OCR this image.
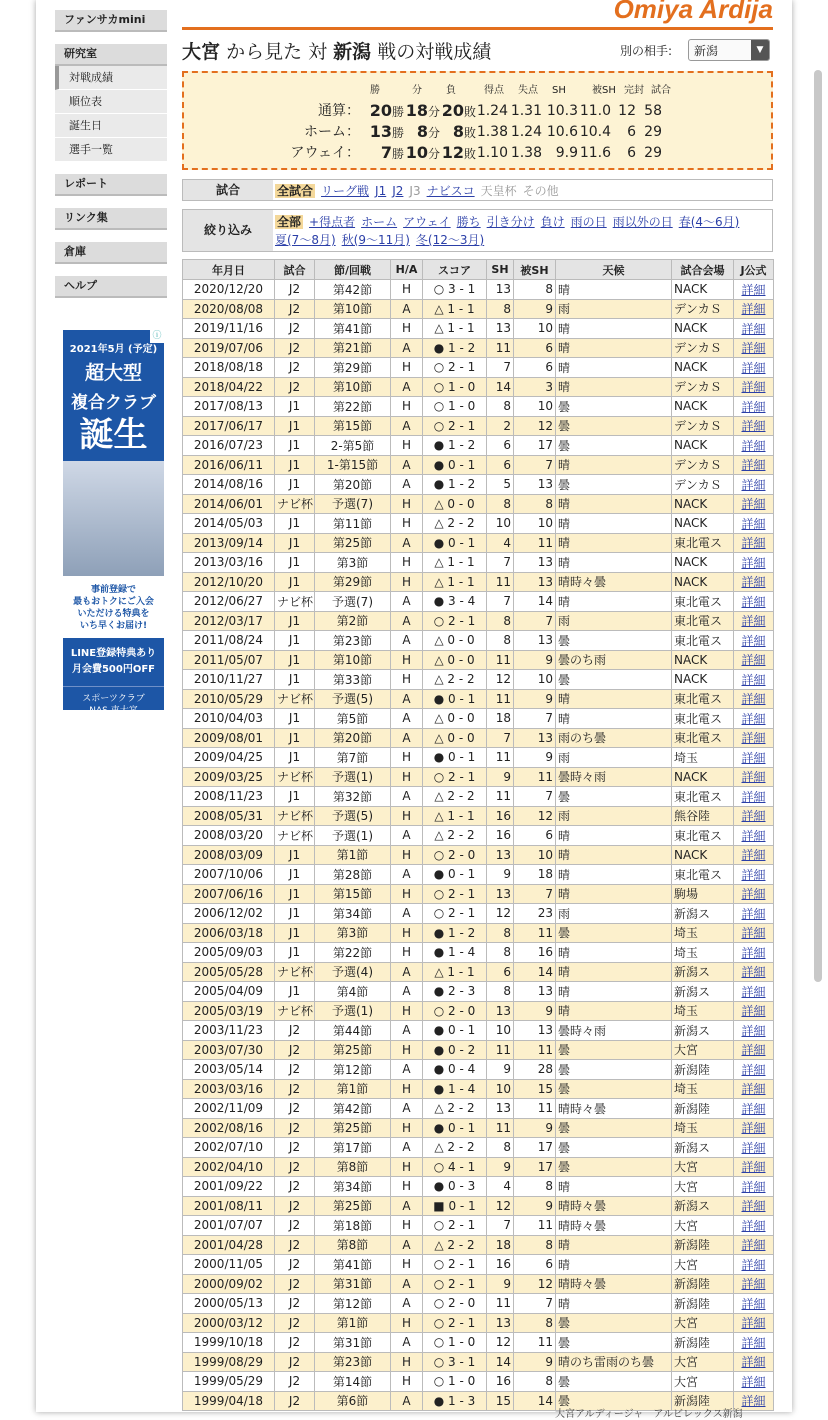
ファンサカmini
研究室
対戦成績
順位表
誕生日
選手一覧
レポート
リンク集
倉庫
ヘルプ
ⓘ
2021年5月 (予定)
超大型
複合クラブ
誕生
事前登録で
最もおトクにご入会
いただける特典を
いち早くお届け!
LINE登録特典あり
月会費500円OFF
スポーツクラブ
NAS 東大宮
(新館)
Omiya Ardija
大宮 から見た 対 新潟 戦の対戦成績	別の相手:	新潟	▼
勝	分 負	得点 失点 SH	被SH 完封 試合
通算： 20勝 18分 20敗 1.24 1.31 10.3 11.0 12 58
ホーム： 13勝 8分 8敗 1.38 1.24 10.6 10.4 6 29
アウェイ：	7勝 10分 12敗 1.10 1.38 9.9 11.6 6 29
試合	全試合 リーグ戦 J1 J2 J3 ナビスコ 天皇杯 その他
絞り込み
全部 +得点者 ホーム アウェイ 勝ち 引き分け 負け 雨の日 雨以外の日 春(4〜6月)
夏(7〜8月) 秋(9〜11月) 冬(12〜3月)
年月日	試合	節/回戦	H/A	スコア	SH	被SH	天候	試合会場	J公式
2020/12/20	J2	第42節	H	○ 3 - 1	13	8	晴	NACK	詳細
2020/08/08	J2	第10節	A	△ 1 - 1	8	9	雨	デンカＳ	詳細
2019/11/16	J2	第41節	H	△ 1 - 1	13	10	晴	NACK	詳細
2019/07/06	J2	第21節	A	● 1 - 2	11	6	晴	デンカＳ	詳細
2018/08/18	J2	第29節	H	○ 2 - 1	7	6	晴	NACK	詳細
2018/04/22	J2	第10節	A	○ 1 - 0	14	3	晴	デンカＳ	詳細
2017/08/13	J1	第22節	H	○ 1 - 0	8	10	曇	NACK	詳細
2017/06/17	J1	第15節	A	○ 2 - 1	2	12	曇	デンカＳ	詳細
2016/07/23	J1	2-第5節	H	● 1 - 2	6	17	曇	NACK	詳細
2016/06/11	J1	1-第15節	A	● 0 - 1	6	7	晴	デンカＳ	詳細
2014/08/16	J1	第20節	A	● 1 - 2	5	13	曇	デンカＳ	詳細
2014/06/01	ナビ杯	予選(7)	H	△ 0 - 0	8	8	晴	NACK	詳細
2014/05/03	J1	第11節	H	△ 2 - 2	10	10	晴	NACK	詳細
2013/09/14	J1	第25節	A	● 0 - 1	4	11	晴	東北電ス	詳細
2013/03/16	J1	第3節	H	△ 1 - 1	7	13	晴	NACK	詳細
2012/10/20	J1	第29節	H	△ 1 - 1	11	13	晴時々曇	NACK	詳細
2012/06/27	ナビ杯	予選(7)	A	● 3 - 4	7	14	晴	東北電ス	詳細
2012/03/17	J1	第2節	A	○ 2 - 1	8	7	雨	東北電ス	詳細
2011/08/24	J1	第23節	A	△ 0 - 0	8	13	曇	東北電ス	詳細
2011/05/07	J1	第10節	H	△ 0 - 0	11	9	曇のち雨	NACK	詳細
2010/11/27	J1	第33節	H	△ 2 - 2	12	10	曇	NACK	詳細
2010/05/29	ナビ杯	予選(5)	A	● 0 - 1	11	9	晴	東北電ス	詳細
2010/04/03	J1	第5節	A	△ 0 - 0	18	7	晴	東北電ス	詳細
2009/08/01	J1	第20節	A	△ 0 - 0	7	13	雨のち曇	東北電ス	詳細
2009/04/25	J1	第7節	H	● 0 - 1	11	9	雨	埼玉	詳細
2009/03/25	ナビ杯	予選(1)	H	○ 2 - 1	9	11	曇時々雨	NACK	詳細
2008/11/23	J1	第32節	A	△ 2 - 2	11	7	曇	東北電ス	詳細
2008/05/31	ナビ杯	予選(5)	H	△ 1 - 1	16	12	雨	熊谷陸	詳細
2008/03/20	ナビ杯	予選(1)	A	△ 2 - 2	16	6	晴	東北電ス	詳細
2008/03/09	J1	第1節	H	○ 2 - 0	13	10	晴	NACK	詳細
2007/10/06	J1	第28節	A	● 0 - 1	9	18	晴	東北電ス	詳細
2007/06/16	J1	第15節	H	○ 2 - 1	13	7	晴	駒場	詳細
2006/12/02	J1	第34節	A	○ 2 - 1	12	23	雨	新潟ス	詳細
2006/03/18	J1	第3節	H	● 1 - 2	8	11	曇	埼玉	詳細
2005/09/03	J1	第22節	H	● 1 - 4	8	16	晴	埼玉	詳細
2005/05/28	ナビ杯	予選(4)	A	△ 1 - 1	6	14	晴	新潟ス	詳細
2005/04/09	J1	第4節	A	● 2 - 3	8	13	晴	新潟ス	詳細
2005/03/19	ナビ杯	予選(1)	H	○ 2 - 0	13	9	晴	埼玉	詳細
2003/11/23	J2	第44節	A	● 0 - 1	10	13	曇時々雨	新潟ス	詳細
2003/07/30	J2	第25節	H	● 0 - 2	11	11	曇	大宮	詳細
2003/05/14	J2	第12節	A	● 0 - 4	9	28	曇	新潟陸	詳細
2003/03/16	J2	第1節	H	● 1 - 4	10	15	曇	埼玉	詳細
2002/11/09	J2	第42節	A	△ 2 - 2	13	11	晴時々曇	新潟陸	詳細
2002/08/16	J2	第25節	H	● 0 - 1	11	9	曇	埼玉	詳細
2002/07/10	J2	第17節	A	△ 2 - 2	8	17	曇	新潟ス	詳細
2002/04/10	J2	第8節	H	○ 4 - 1	9	17	曇	大宮	詳細
2001/09/22	J2	第34節	H	● 0 - 3	4	8	晴	大宮	詳細
2001/08/11	J2	第25節	A	■ 0 - 1	12	9	晴時々曇	新潟ス	詳細
2001/07/07	J2	第18節	H	○ 2 - 1	7	11	晴時々曇	大宮	詳細
2001/04/28	J2	第8節	A	△ 2 - 2	18	8	晴	新潟陸	詳細
2000/11/05	J2	第41節	H	○ 2 - 1	16	6	晴	大宮	詳細
2000/09/02	J2	第31節	A	○ 2 - 1	9	12	晴時々曇	新潟陸	詳細
2000/05/13	J2	第12節	A	○ 2 - 0	11	7	晴	新潟陸	詳細
2000/03/12	J2	第1節	H	○ 2 - 1	13	8	曇	大宮	詳細
1999/10/18	J2	第31節	A	○ 1 - 0	12	11	曇	新潟陸	詳細
1999/08/29	J2	第23節	H	○ 3 - 1	14	9	晴のち雷雨のち曇	大宮	詳細
1999/05/29	J2	第14節	H	○ 1 - 0	16	8	曇	大宮	詳細
1999/04/18	J2	第6節	A	● 1 - 3	15	14	曇	新潟陸	詳細
大宮アルディージャ　アルビレックス新潟
